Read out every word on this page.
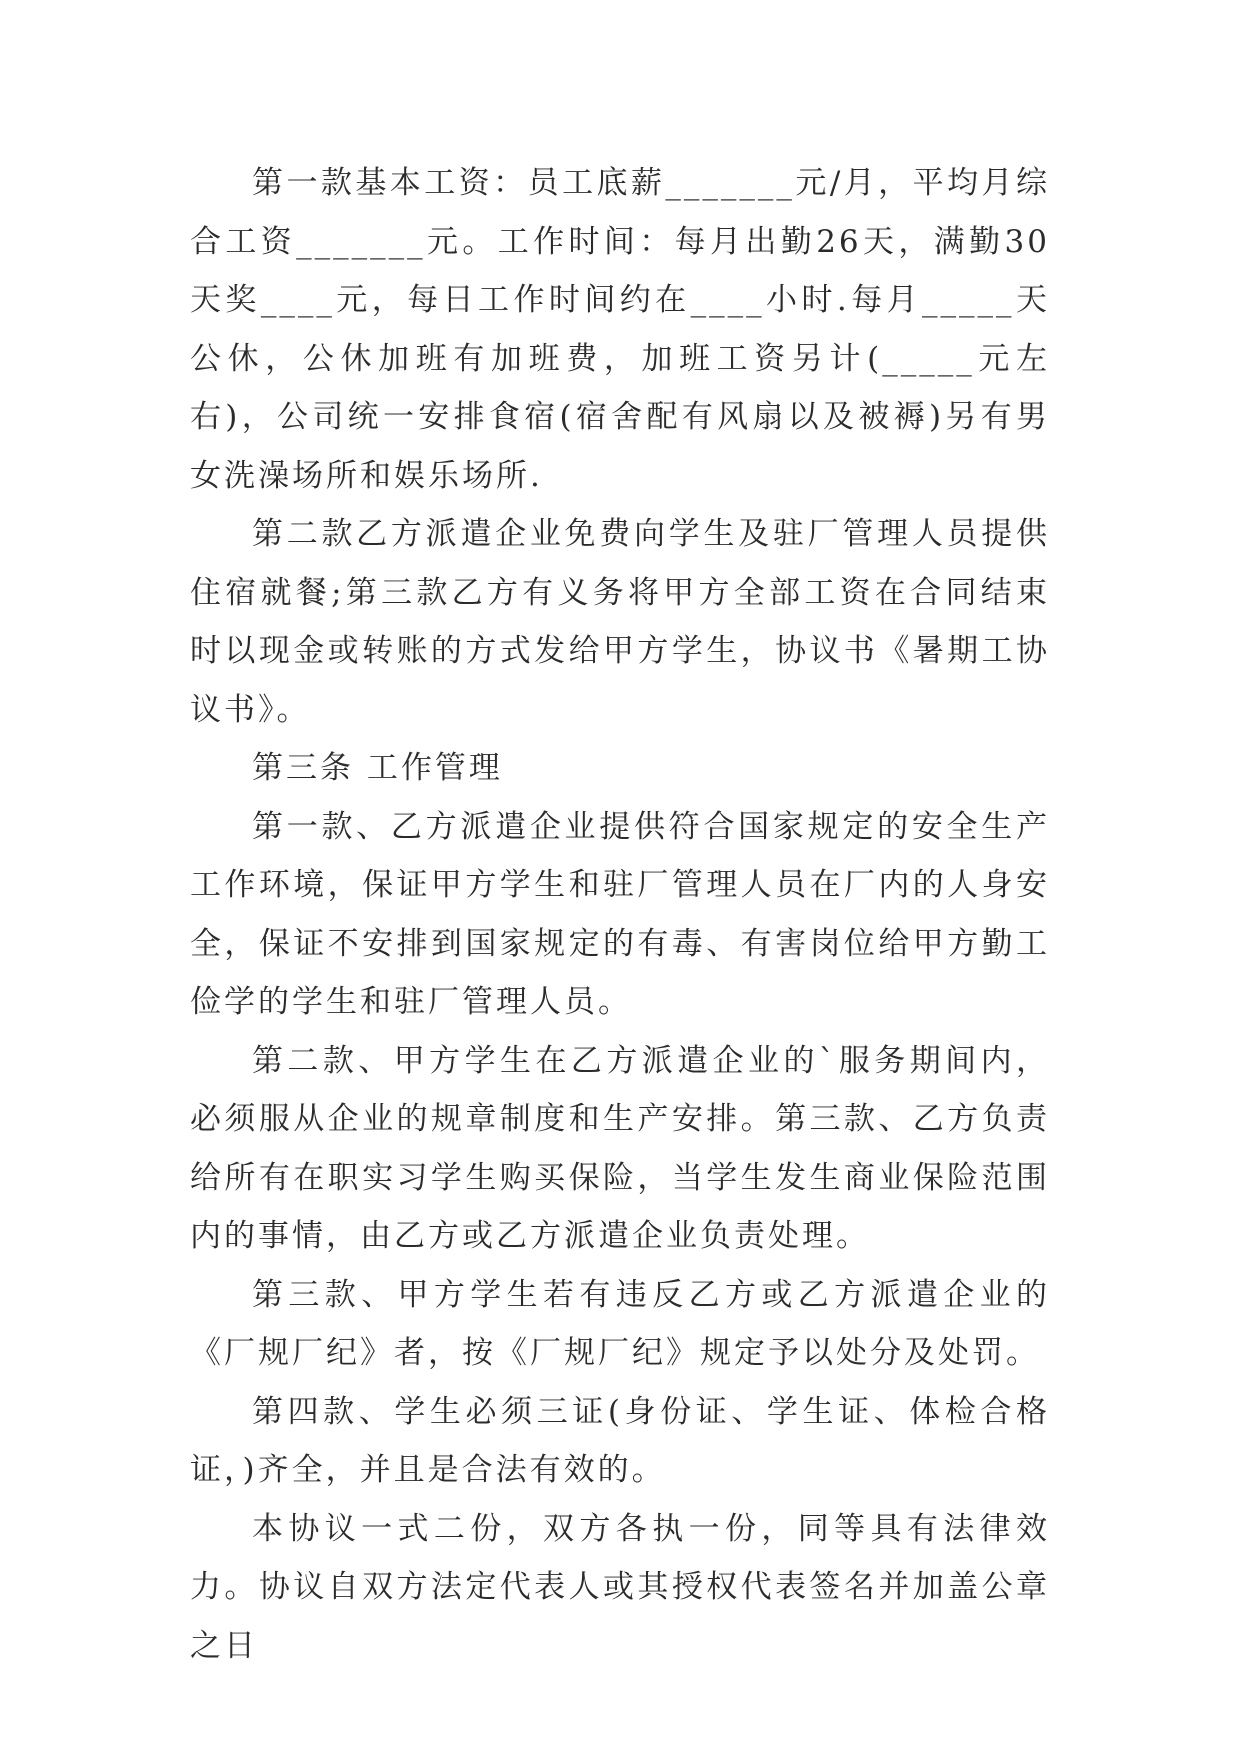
第一款基本工资：员工底薪_______元/月，平均月综合工资_______元。工作时间：每月出勤26天，满勤30天奖____元，每日工作时间约在____小时.每月_____天公休，公休加班有加班费，加班工资另计(_____元左右)，公司统一安排食宿(宿舍配有风扇以及被褥)另有男女洗澡场所和娱乐场所.

第二款乙方派遣企业免费向学生及驻厂管理人员提供住宿就餐;第三款乙方有义务将甲方全部工资在合同结束时以现金或转账的方式发给甲方学生，协议书《暑期工协议书》。

第三条 工作管理

第一款、乙方派遣企业提供符合国家规定的安全生产工作环境，保证甲方学生和驻厂管理人员在厂内的人身安全，保证不安排到国家规定的有毒、有害岗位给甲方勤工俭学的学生和驻厂管理人员。

第二款、甲方学生在乙方派遣企业的`服务期间内，必须服从企业的规章制度和生产安排。第三款、乙方负责给所有在职实习学生购买保险，当学生发生商业保险范围内的事情，由乙方或乙方派遣企业负责处理。

第三款、甲方学生若有违反乙方或乙方派遣企业的《厂规厂纪》者，按《厂规厂纪》规定予以处分及处罚。

第四款、学生必须三证(身份证、学生证、体检合格证，)齐全，并且是合法有效的。

本协议一式二份，双方各执一份，同等具有法律效力。协议自双方法定代表人或其授权代表签名并加盖公章之日
